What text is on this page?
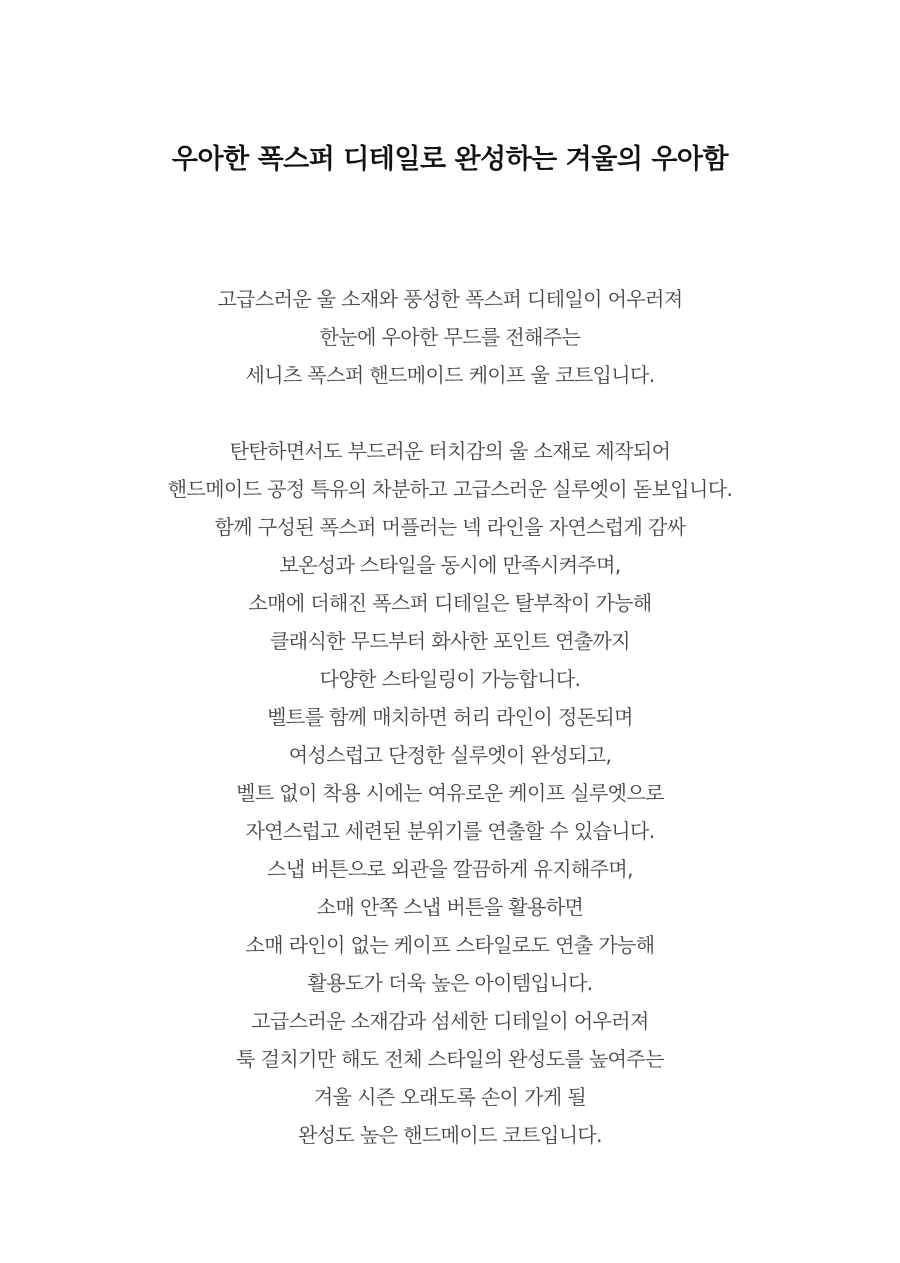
우아한 폭스퍼 디테일로 완성하는 겨울의 우아함

고급스러운 울 소재와 풍성한 폭스퍼 디테일이 어우러져
한눈에 우아한 무드를 전해주는
세니츠 폭스퍼 핸드메이드 케이프 울 코트입니다.

탄탄하면서도 부드러운 터치감의 울 소재로 제작되어
핸드메이드 공정 특유의 차분하고 고급스러운 실루엣이 돋보입니다.
함께 구성된 폭스퍼 머플러는 넥 라인을 자연스럽게 감싸
보온성과 스타일을 동시에 만족시켜주며,
소매에 더해진 폭스퍼 디테일은 탈부착이 가능해
클래식한 무드부터 화사한 포인트 연출까지
다양한 스타일링이 가능합니다.
벨트를 함께 매치하면 허리 라인이 정돈되며
여성스럽고 단정한 실루엣이 완성되고,
벨트 없이 착용 시에는 여유로운 케이프 실루엣으로
자연스럽고 세련된 분위기를 연출할 수 있습니다.
스냅 버튼으로 외관을 깔끔하게 유지해주며,
소매 안쪽 스냅 버튼을 활용하면
소매 라인이 없는 케이프 스타일로도 연출 가능해
활용도가 더욱 높은 아이템입니다.
고급스러운 소재감과 섬세한 디테일이 어우러져
툭 걸치기만 해도 전체 스타일의 완성도를 높여주는
겨울 시즌 오래도록 손이 가게 될
완성도 높은 핸드메이드 코트입니다.
